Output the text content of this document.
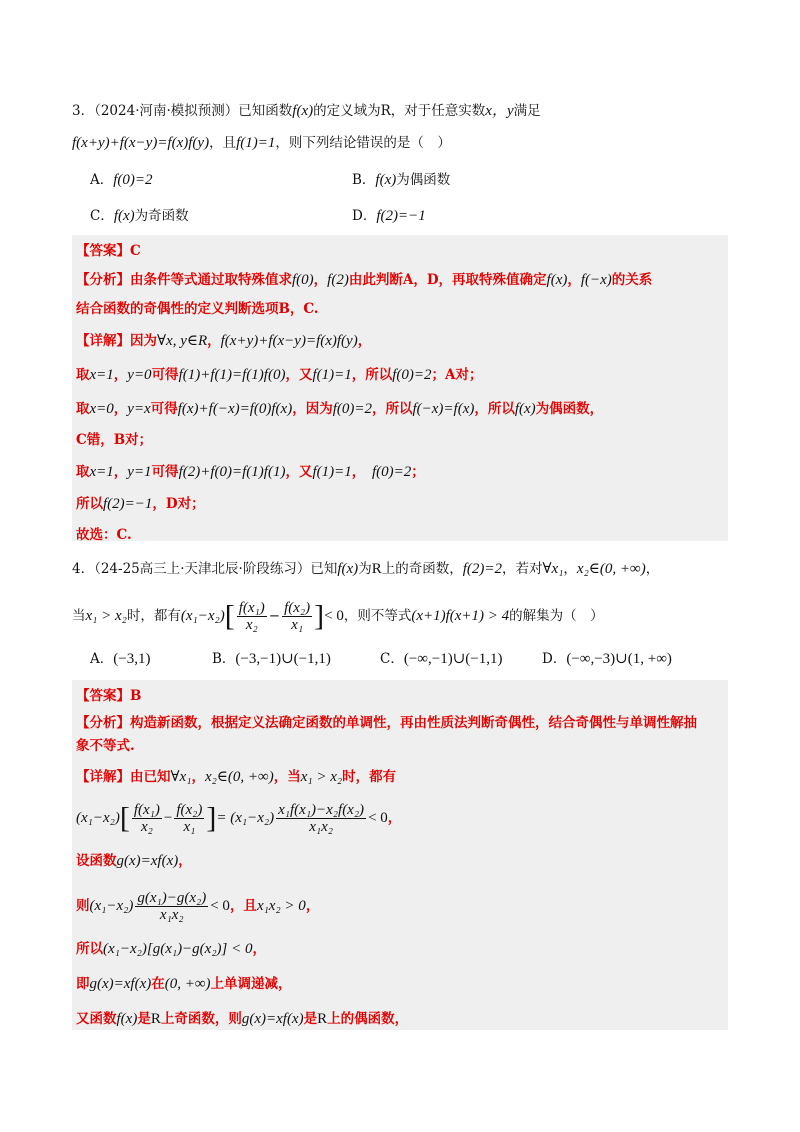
3．（2024·河南·模拟预测）已知函数f(x)的定义域为R，对于任意实数x，y满足
f(x+y)+f(x−y)=f(x)f(y)，且f(1)=1，则下列结论错误的是（　）
A．f(0)=2	B．f(x)为偶函数
C．f(x)为奇函数	D．f(2)=−1
【答案】C
【分析】由条件等式通过取特殊值求f(0)，f(2)由此判断A，D，再取特殊值确定f(x)，f(−x)的关系
结合函数的奇偶性的定义判断选项B，C.
【详解】因为∀x, y∈R，f(x+y)+f(x−y)=f(x)f(y)，
取x=1，y=0可得f(1)+f(1)=f(1)f(0)，又f(1)=1，所以f(0)=2；A对；
取x=0，y=x可得f(x)+f(−x)=f(0)f(x)，因为f(0)=2，所以f(−x)=f(x)，所以f(x)为偶函数，
C错，B对；
取x=1，y=1可得f(2)+f(0)=f(1)f(1)，又f(1)=1，　f(0)=2；
所以f(2)=−1，D对；
故选：C.
4．（24-25高三上·天津北辰·阶段练习）已知f(x)为R上的奇函数，f(2)=2，若对∀x₁，x₂∈(0, +∞)，
当x₁ > x₂时，都有$(x_1-x_2)[ \frac{\text{f(x₁)}}{\text{x₂}} - \frac{\text{f(x₂)}}{\text{x₁}}$ ]< 0，则不等式(x+1)f(x+1) > 4的解集为（　）
A．(−3,1)	B．(−3,−1)∪(−1,1)	C．(−∞,−1)∪(−1,1)	D．(−∞,−3)∪(1, +∞)
【答案】B
【分析】构造新函数，根据定义法确定函数的单调性，再由性质法判断奇偶性，结合奇偶性与单调性解抽
象不等式.
【详解】由已知∀x₁，x₂∈(0, +∞)，当x₁ > x₂时，都有
$(x_1-x_2)[ \frac{\text{f(x₁)}}{\text{x₂}} - \frac{\text{f(x₂)}}{\text{x₁}}$ ]= $(x_1-x_2) \frac{\text{x₁f(x₁)−x₂f(x₂)}}{\text{x₁x₂}} < 0$，
设函数g(x)=xf(x)，
则$(x_1-x_2) \frac{\text{g(x₁)−g(x₂)}}{\text{x₁x₂}} < 0$，且x₁x₂ > 0，
所以(x₁−x₂)[g(x₁)−g(x₂)] < 0，
即g(x)=xf(x)在(0, +∞)上单调递减，
又函数f(x)是R上奇函数，则g(x)=xf(x)是R上的偶函数，
